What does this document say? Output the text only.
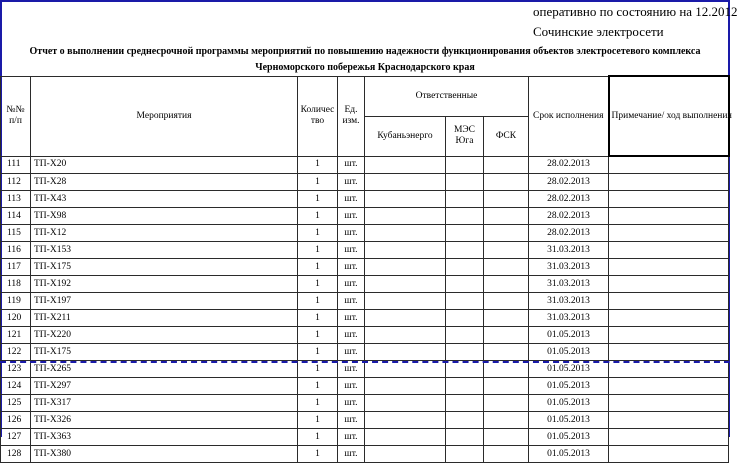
оперативно по состоянию на 12.2012
Сочинские электросети
Отчет о выполнении среднесрочной программы мероприятий по повышению надежности функционирования объектов электросетевого комплекса
Черноморского побережья Краснодарского края
№№ п/п	Мероприятия	Количество	Ед. изм.	Ответственные			Срок исполнения	Примечание/ ход выполнения
				Кубаньэнерго	МЭС Юга	ФСК		
111	ТП-Х20	1	шт.				28.02.2013	
112	ТП-Х28	1	шт.				28.02.2013	
113	ТП-Х43	1	шт.				28.02.2013	
114	ТП-Х98	1	шт.				28.02.2013	
115	ТП-Х12	1	шт.				28.02.2013	
116	ТП-Х153	1	шт.				31.03.2013	
117	ТП-Х175	1	шт.				31.03.2013	
118	ТП-Х192	1	шт.				31.03.2013	
119	ТП-Х197	1	шт.				31.03.2013	
120	ТП-Х211	1	шт.				31.03.2013	
121	ТП-Х220	1	шт.				01.05.2013	
122	ТП-Х175	1	шт.				01.05.2013	
123	ТП-Х265	1	шт.				01.05.2013	
124	ТП-Х297	1	шт.				01.05.2013	
125	ТП-Х317	1	шт.				01.05.2013	
126	ТП-Х326	1	шт.				01.05.2013	
127	ТП-Х363	1	шт.				01.05.2013	
128	ТП-Х380	1	шт.				01.05.2013	
